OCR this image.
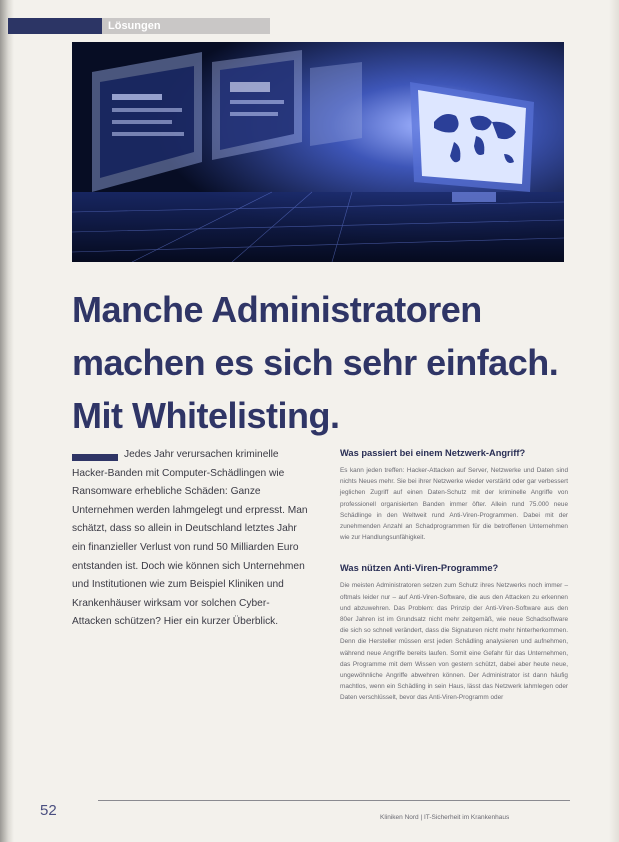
Lösungen
Manche Administratoren
machen es sich sehr einfach.
Mit Whitelisting.

Jedes Jahr verursachen kriminelle Hacker-Banden mit Computer-Schädlingen wie Ransomware erhebliche Schäden: Ganze Unternehmen werden lahmgelegt und erpresst. Man schätzt, dass so allein in Deutschland letztes Jahr ein finanzieller Verlust von rund 50 Milliarden Euro entstanden ist. Doch wie können sich Unternehmen und Institutionen wie zum Beispiel Kliniken und Krankenhäuser wirksam vor solchen Cyber-Attacken schützen? Hier ein kurzer Überblick.

Was passiert bei einem Netzwerk-Angriff?

Es kann jeden treffen: Hacker-Attacken auf Server, Netzwerke und Daten sind nichts Neues mehr. Sie bei ihrer Netzwerke wieder verstärkt oder gar verbessert jeglichen Zugriff auf einen Daten-Schutz mit der kriminelle Angriffe von professionell organisierten Banden immer öfter. Allein rund 75.000 neue Schädlinge in den Weltweit rund Anti-Viren-Programmen. Dabei mit der zunehmenden Anzahl an Schadprogrammen für die betroffenen Unternehmen wie zur Handlungsunfähigkeit.

Was nützen Anti-Viren-Programme?

Die meisten Administratoren setzen zum Schutz ihres Netzwerks noch immer – oftmals leider nur – auf Anti-Viren-Software, die aus den Attacken zu erkennen und abzuwehren. Das Problem: das Prinzip der Anti-Viren-Software aus den 80er Jahren ist im Grundsatz nicht mehr zeitgemäß, wie neue Schadsoftware die sich so schnell verändert, dass die Signaturen nicht mehr hinterherkommen. Denn die Hersteller müssen erst jeden Schädling analysieren und aufnehmen, während neue Angriffe bereits laufen. Somit eine Gefahr für das Unternehmen, das Programme mit dem Wissen von gestern schützt, dabei aber heute neue, ungewöhnliche Angriffe abwehren können. Der Administrator ist dann häufig machtlos, wenn ein Schädling in sein Haus, lässt das Netzwerk lahmlegen oder Daten verschlüsselt, bevor das Anti-Viren-Programm oder

52	Kliniken Nord | IT-Sicherheit im Krankenhaus
